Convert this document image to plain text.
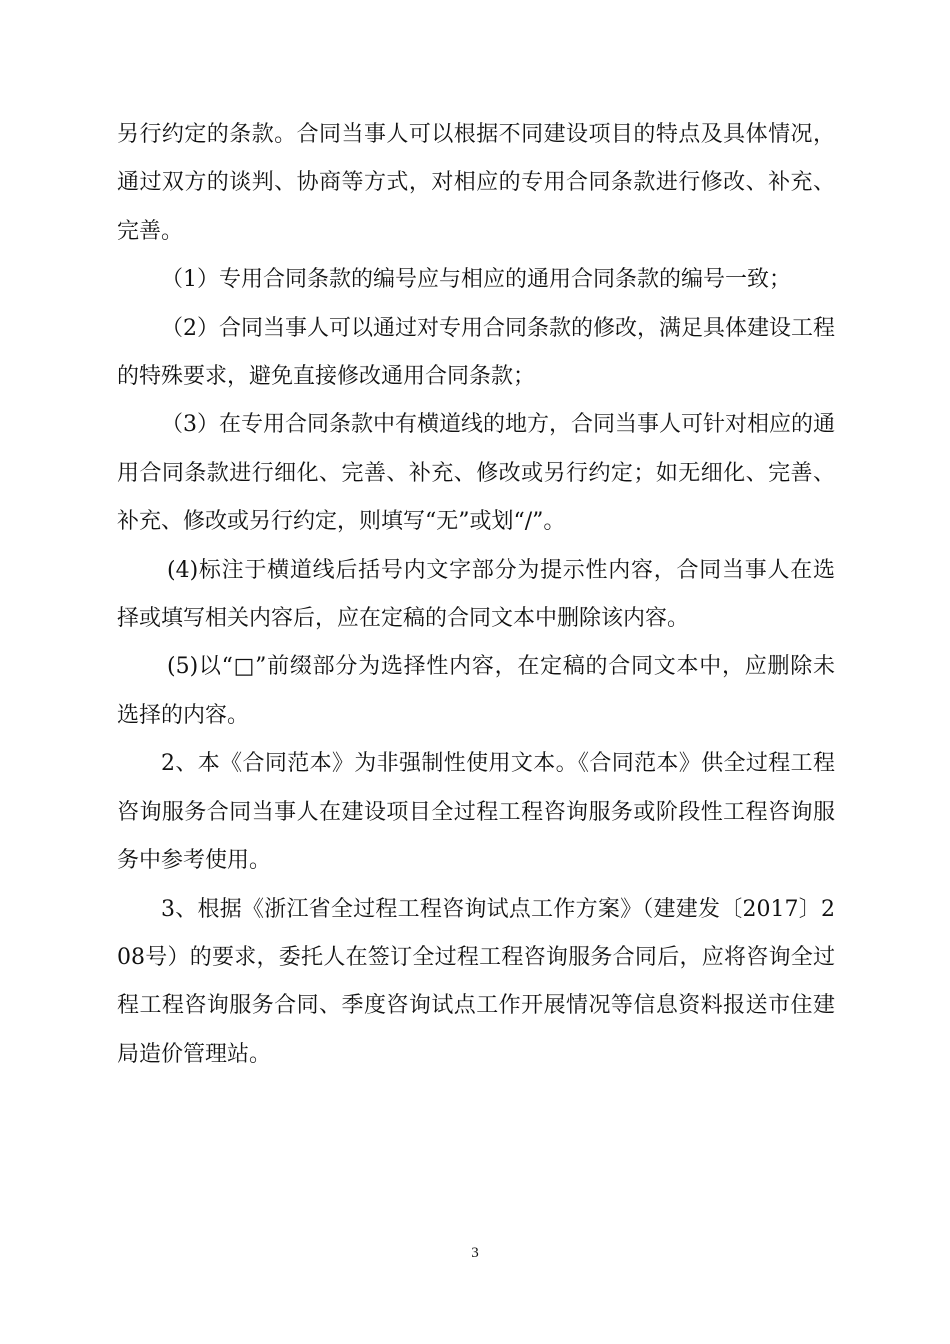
另行约定的条款。合同当事人可以根据不同建设项目的特点及具体情况，通过双方的谈判、协商等方式，对相应的专用合同条款进行修改、补充、完善。

（1）专用合同条款的编号应与相应的通用合同条款的编号一致；

（2）合同当事人可以通过对专用合同条款的修改，满足具体建设工程的特殊要求，避免直接修改通用合同条款；

（3）在专用合同条款中有横道线的地方，合同当事人可针对相应的通用合同条款进行细化、完善、补充、修改或另行约定；如无细化、完善、补充、修改或另行约定，则填写“无”或划“/”。

(4)标注于横道线后括号内文字部分为提示性内容，合同当事人在选择或填写相关内容后，应在定稿的合同文本中删除该内容。

(5)以“□”前缀部分为选择性内容，在定稿的合同文本中，应删除未选择的内容。

2、本《合同范本》为非强制性使用文本。《合同范本》供全过程工程咨询服务合同当事人在建设项目全过程工程咨询服务或阶段性工程咨询服务中参考使用。

3、根据《浙江省全过程工程咨询试点工作方案》（建建发〔2017〕208号）的要求，委托人在签订全过程工程咨询服务合同后，应将咨询全过程工程咨询服务合同、季度咨询试点工作开展情况等信息资料报送市住建局造价管理站。

3
